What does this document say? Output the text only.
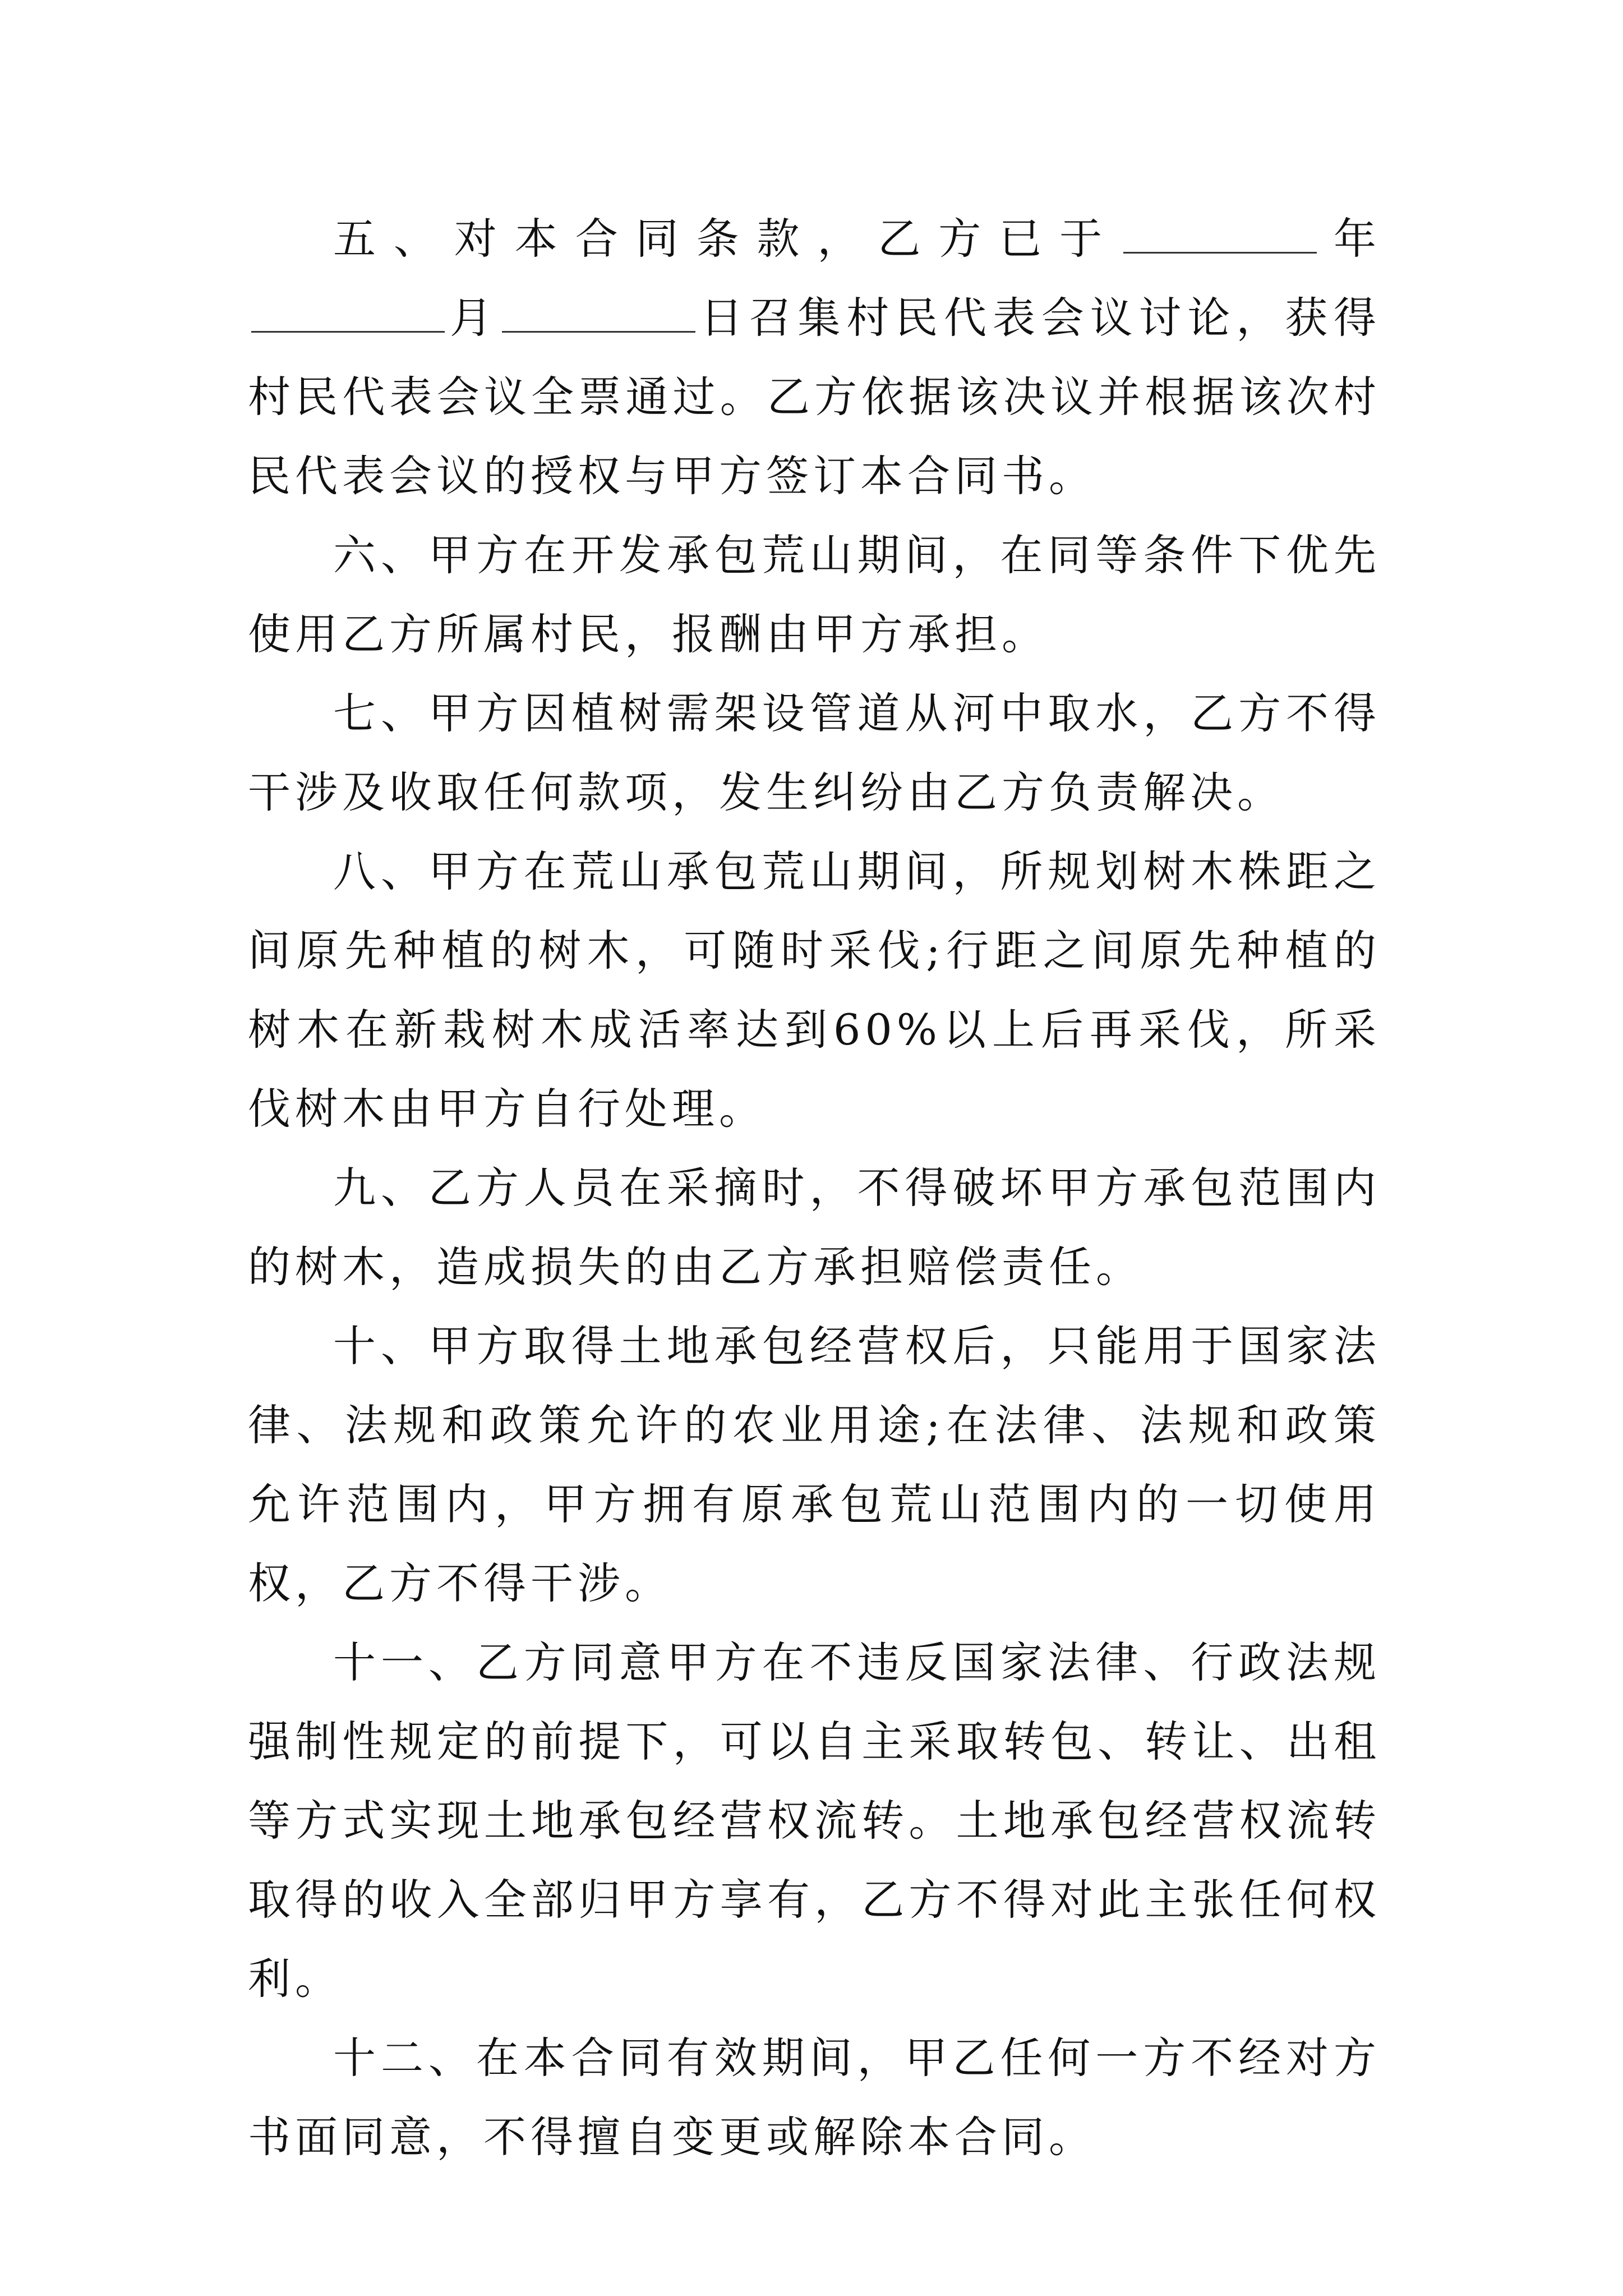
五、对本合同条款，乙方已于	年月	日召集村民代表会议讨论，获得村民代表会议全票通过。乙方依据该决议并根据该次村民代表会议的授权与甲方签订本合同书。

六、甲方在开发承包荒山期间，在同等条件下优先使用乙方所属村民，报酬由甲方承担。

七、甲方因植树需架设管道从河中取水，乙方不得干涉及收取任何款项，发生纠纷由乙方负责解决。

八、甲方在荒山承包荒山期间，所规划树木株距之间原先种植的树木，可随时采伐;行距之间原先种植的树木在新栽树木成活率达到60%以上后再采伐，所采伐树木由甲方自行处理。

九、乙方人员在采摘时，不得破坏甲方承包范围内的树木，造成损失的由乙方承担赔偿责任。

十、甲方取得土地承包经营权后，只能用于国家法律、法规和政策允许的农业用途;在法律、法规和政策允许范围内，甲方拥有原承包荒山范围内的一切使用权，乙方不得干涉。

十一、乙方同意甲方在不违反国家法律、行政法规强制性规定的前提下，可以自主采取转包、转让、出租等方式实现土地承包经营权流转。土地承包经营权流转取得的收入全部归甲方享有，乙方不得对此主张任何权利。

十二、在本合同有效期间，甲乙任何一方不经对方书面同意，不得擅自变更或解除本合同。
